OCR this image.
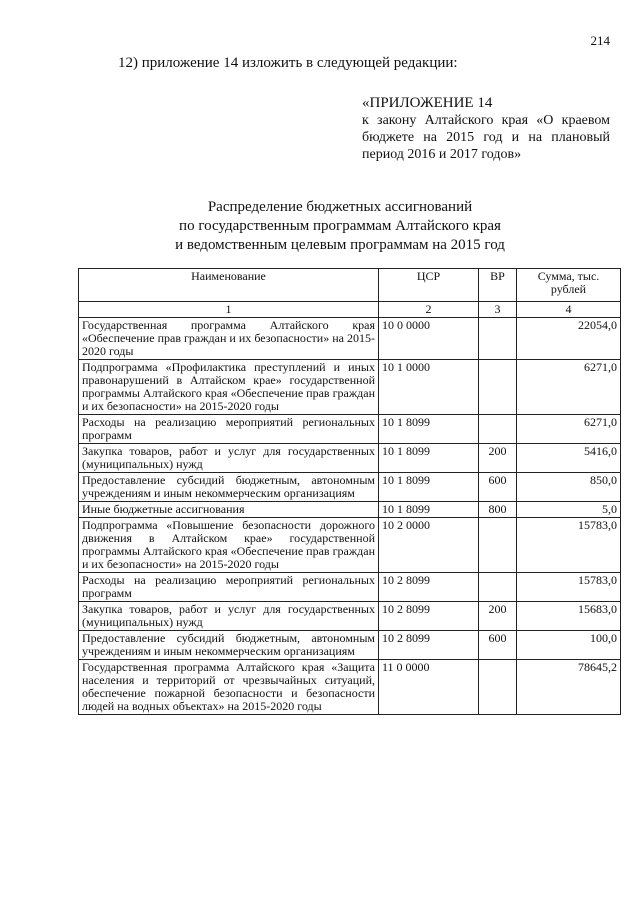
214
12) приложение 14 изложить в следующей редакции:
«ПРИЛОЖЕНИЕ 14
к закону Алтайского края «О краевом бюджете на 2015 год и на плановый период 2016 и 2017 годов»
Распределение бюджетных ассигнований
по государственным программам Алтайского края
и ведомственным целевым программам на 2015 год
Наименование	ЦСР	ВР	Сумма, тыс. рублей
1	2	3	4
Государственная программа Алтайского края «Обеспечение прав граждан и их безопасности» на 2015-2020 годы	10 0 0000		22054,0
Подпрограмма «Профилактика преступлений и иных правонарушений в Алтайском крае» государственной программы Алтайского края «Обеспечение прав граждан и их безопасности» на 2015-2020 годы	10 1 0000		6271,0
Расходы на реализацию мероприятий региональных программ	10 1 8099		6271,0
Закупка товаров, работ и услуг для государственных (муниципальных) нужд	10 1 8099	200	5416,0
Предоставление субсидий бюджетным, автономным учреждениям и иным некоммерческим организациям	10 1 8099	600	850,0
Иные бюджетные ассигнования	10 1 8099	800	5,0
Подпрограмма «Повышение безопасности дорожного движения в Алтайском крае» государственной программы Алтайского края «Обеспечение прав граждан и их безопасности» на 2015-2020 годы	10 2 0000		15783,0
Расходы на реализацию мероприятий региональных программ	10 2 8099		15783,0
Закупка товаров, работ и услуг для государственных (муниципальных) нужд	10 2 8099	200	15683,0
Предоставление субсидий бюджетным, автономным учреждениям и иным некоммерческим организациям	10 2 8099	600	100,0
Государственная программа Алтайского края «Защита населения и территорий от чрезвычайных ситуаций, обеспечение пожарной безопасности и безопасности людей на водных объектах» на 2015-2020 годы	11 0 0000		78645,2
